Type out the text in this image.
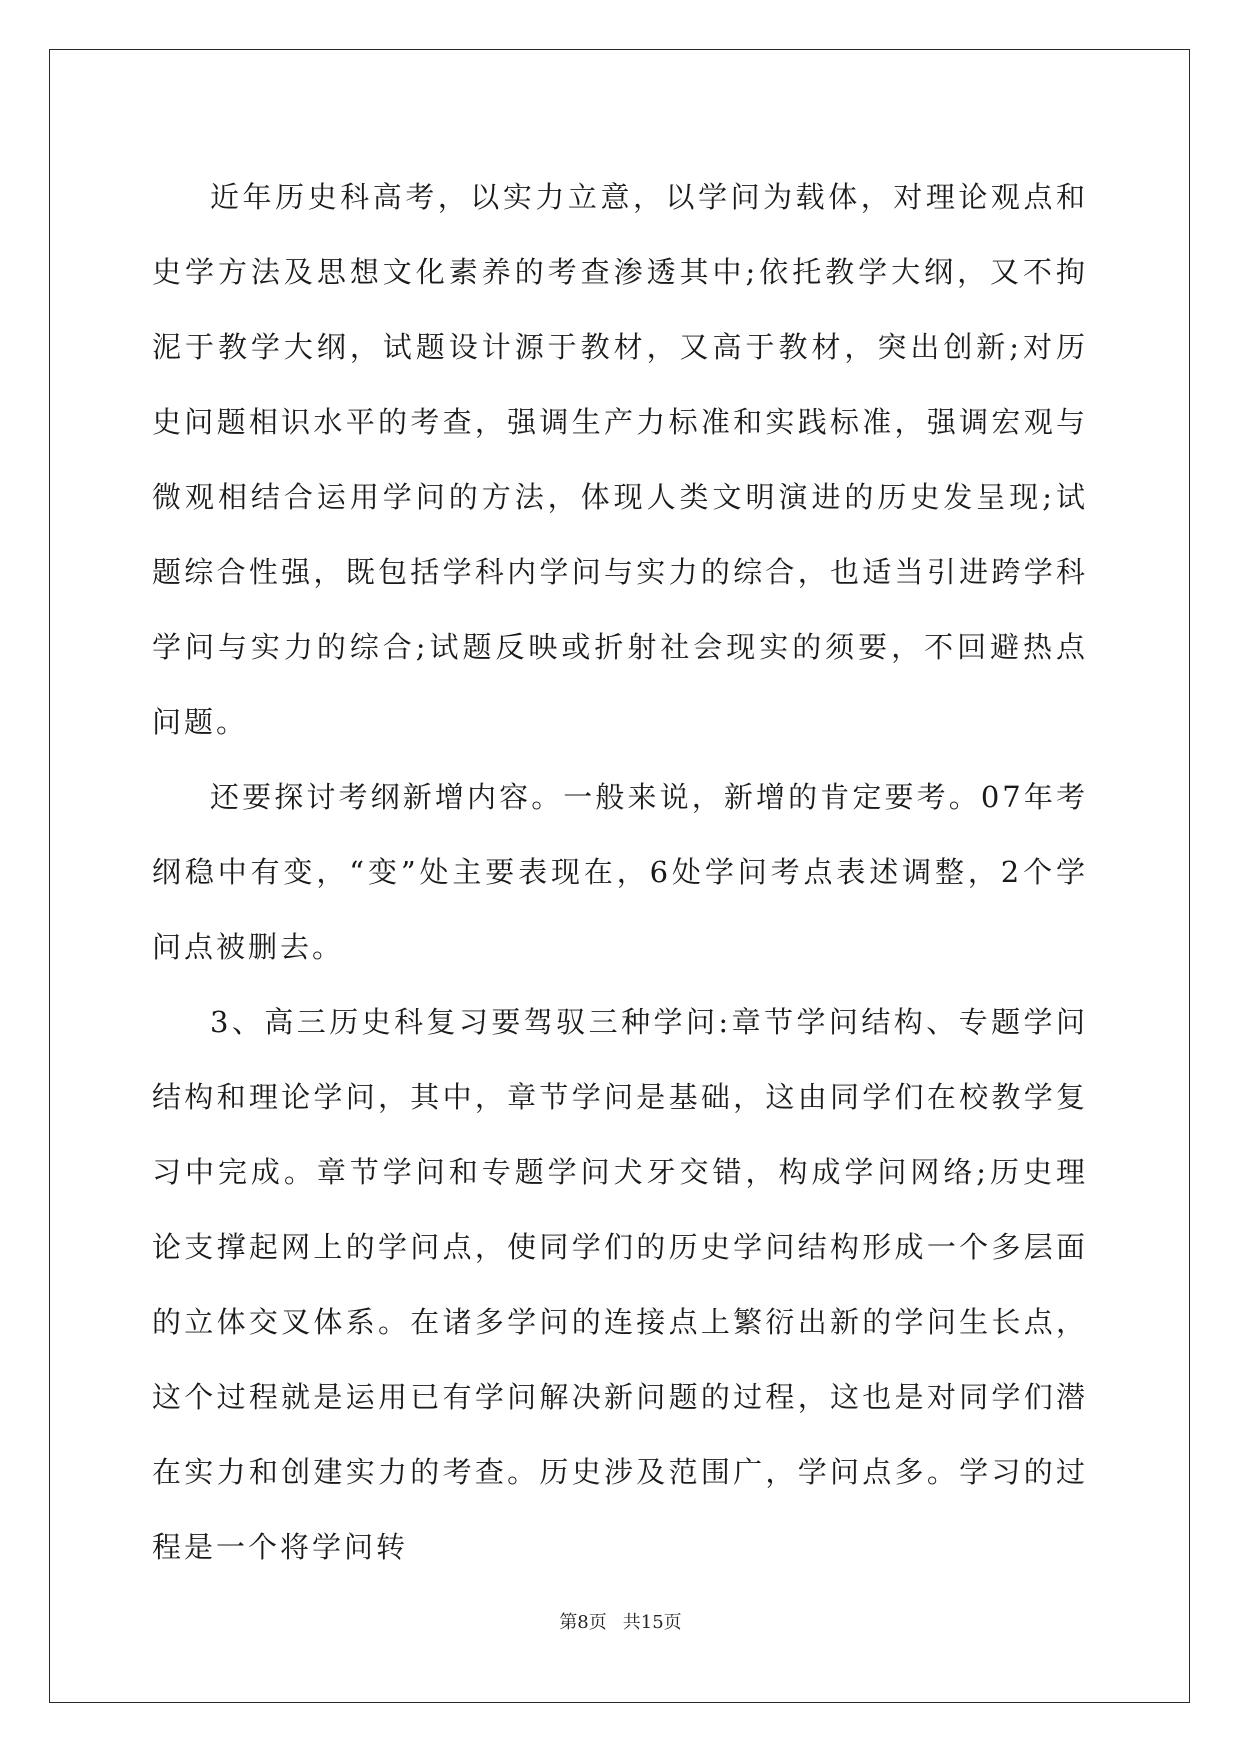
近年历史科高考，以实力立意，以学问为载体，对理论观点和史学方法及思想文化素养的考查渗透其中;依托教学大纲，又不拘泥于教学大纲，试题设计源于教材，又高于教材，突出创新;对历史问题相识水平的考查，强调生产力标准和实践标准，强调宏观与微观相结合运用学问的方法，体现人类文明演进的历史发呈现;试题综合性强，既包括学科内学问与实力的综合，也适当引进跨学科学问与实力的综合;试题反映或折射社会现实的须要，不回避热点问题。

还要探讨考纲新增内容。一般来说，新增的肯定要考。07年考纲稳中有变，“变”处主要表现在，6处学问考点表述调整，2个学问点被删去。

3、高三历史科复习要驾驭三种学问:章节学问结构、专题学问结构和理论学问，其中，章节学问是基础，这由同学们在校教学复习中完成。章节学问和专题学问犬牙交错，构成学问网络;历史理论支撑起网上的学问点，使同学们的历史学问结构形成一个多层面的立体交叉体系。在诸多学问的连接点上繁衍出新的学问生长点，这个过程就是运用已有学问解决新问题的过程，这也是对同学们潜在实力和创建实力的考查。历史涉及范围广，学问点多。学习的过程是一个将学问转

第8页 共15页
